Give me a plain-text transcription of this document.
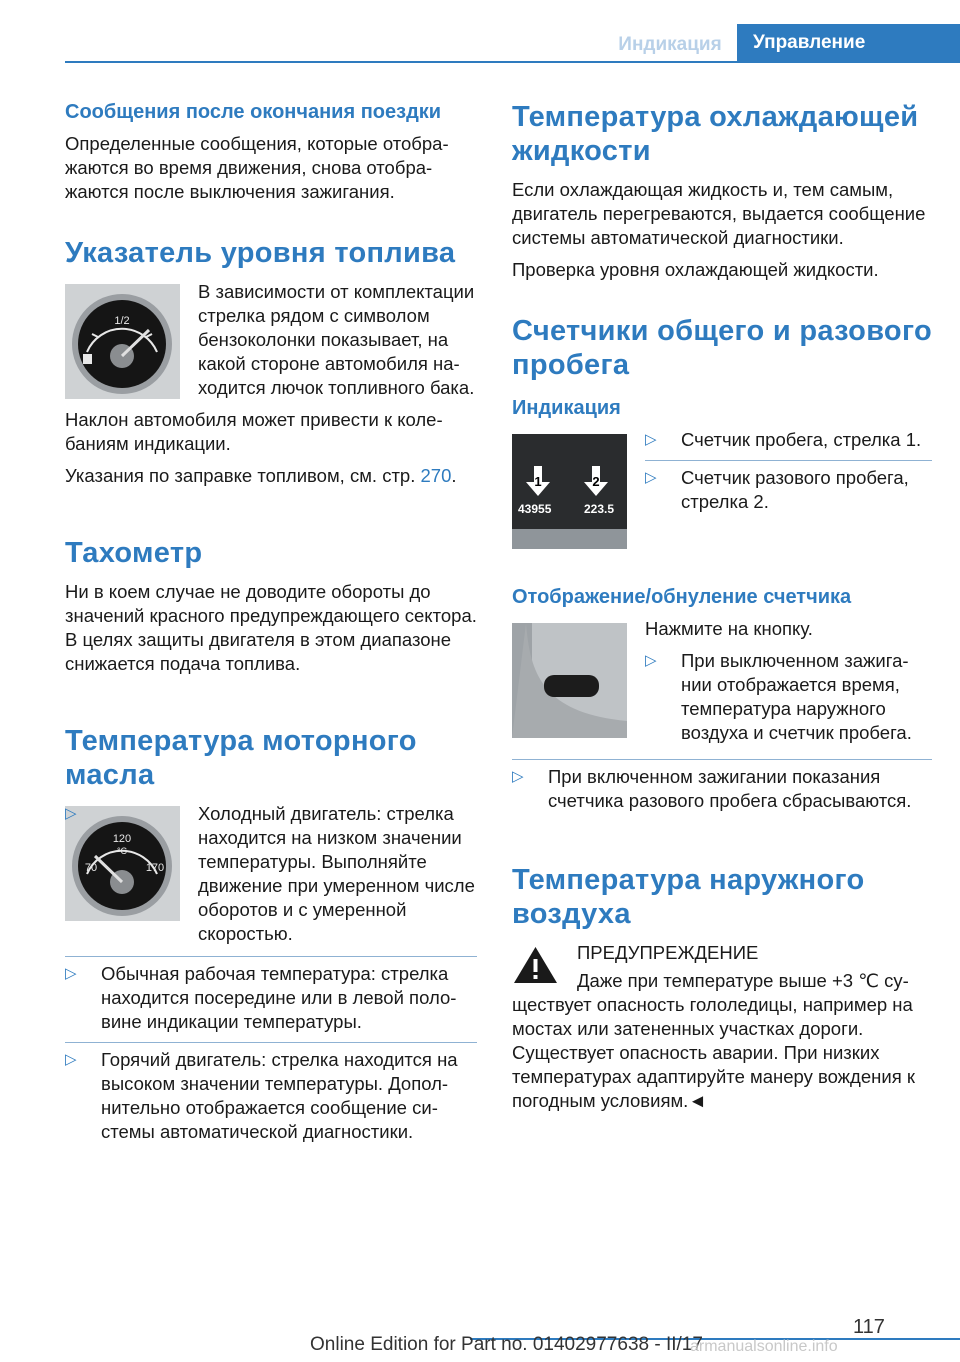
Индикация	Управление
Сообщения после окончания поездки

Определенные сообщения, которые отображаются во время движения, снова отображаются после выключения зажигания.

Указатель уровня топлива
1/2

В зависимости от комплектации стрелка рядом с символом бензоколонки показывает, на какой стороне автомобиля находится лючок топливного бака.

Наклон автомобиля может привести к колебаниям индикации.

Указания по заправке топливом, см. стр. 270.

Тахометр

Ни в коем случае не доводите обороты до значений красного предупреждающего сектора. В целях защиты двигателя в этом диапазоне снижается подача топлива.

Температура моторного масла
120
°C
70	170
▷	Холодный двигатель: стрелка находится на низком значении температуры. Выполняйте движение при умеренном числе оборотов и с умеренной скоростью.
▷ Обычная рабочая температура: стрелка находится посередине или в левой половине индикации температуры.
▷ Горячий двигатель: стрелка находится на высоком значении температуры. Дополнительно отображается сообщение системы автоматической диагностики.
Температура охлаждающей жидкости

Если охлаждающая жидкость и, тем самым, двигатель перегреваются, выдается сообщение системы автоматической диагностики.

Проверка уровня охлаждающей жидкости.

Счетчики общего и разового пробега
Индикация
1	2
43955	223.5
▷ Счетчик пробега, стрелка 1.
▷ Счетчик разового пробега, стрелка 2.
Отображение/обнуление счетчика

Нажмите на кнопку.

▷ При выключенном зажигании отображается время, температура наружного воздуха и счетчик пробега.
▷ При включенном зажигании показания счетчика разового пробега сбрасываются.
Температура наружного воздуха

ПРЕДУПРЕЖДЕНИЕ

Даже при температуре выше +3 ℃ существует опасность гололедицы, например на мостах или затененных участках дороги. Существует опасность аварии. При низких температурах адаптируйте манеру вождения к погодным условиям.◄

117
Online Edition for Part no. 01402977638 - II/17
armanualsonline.info
